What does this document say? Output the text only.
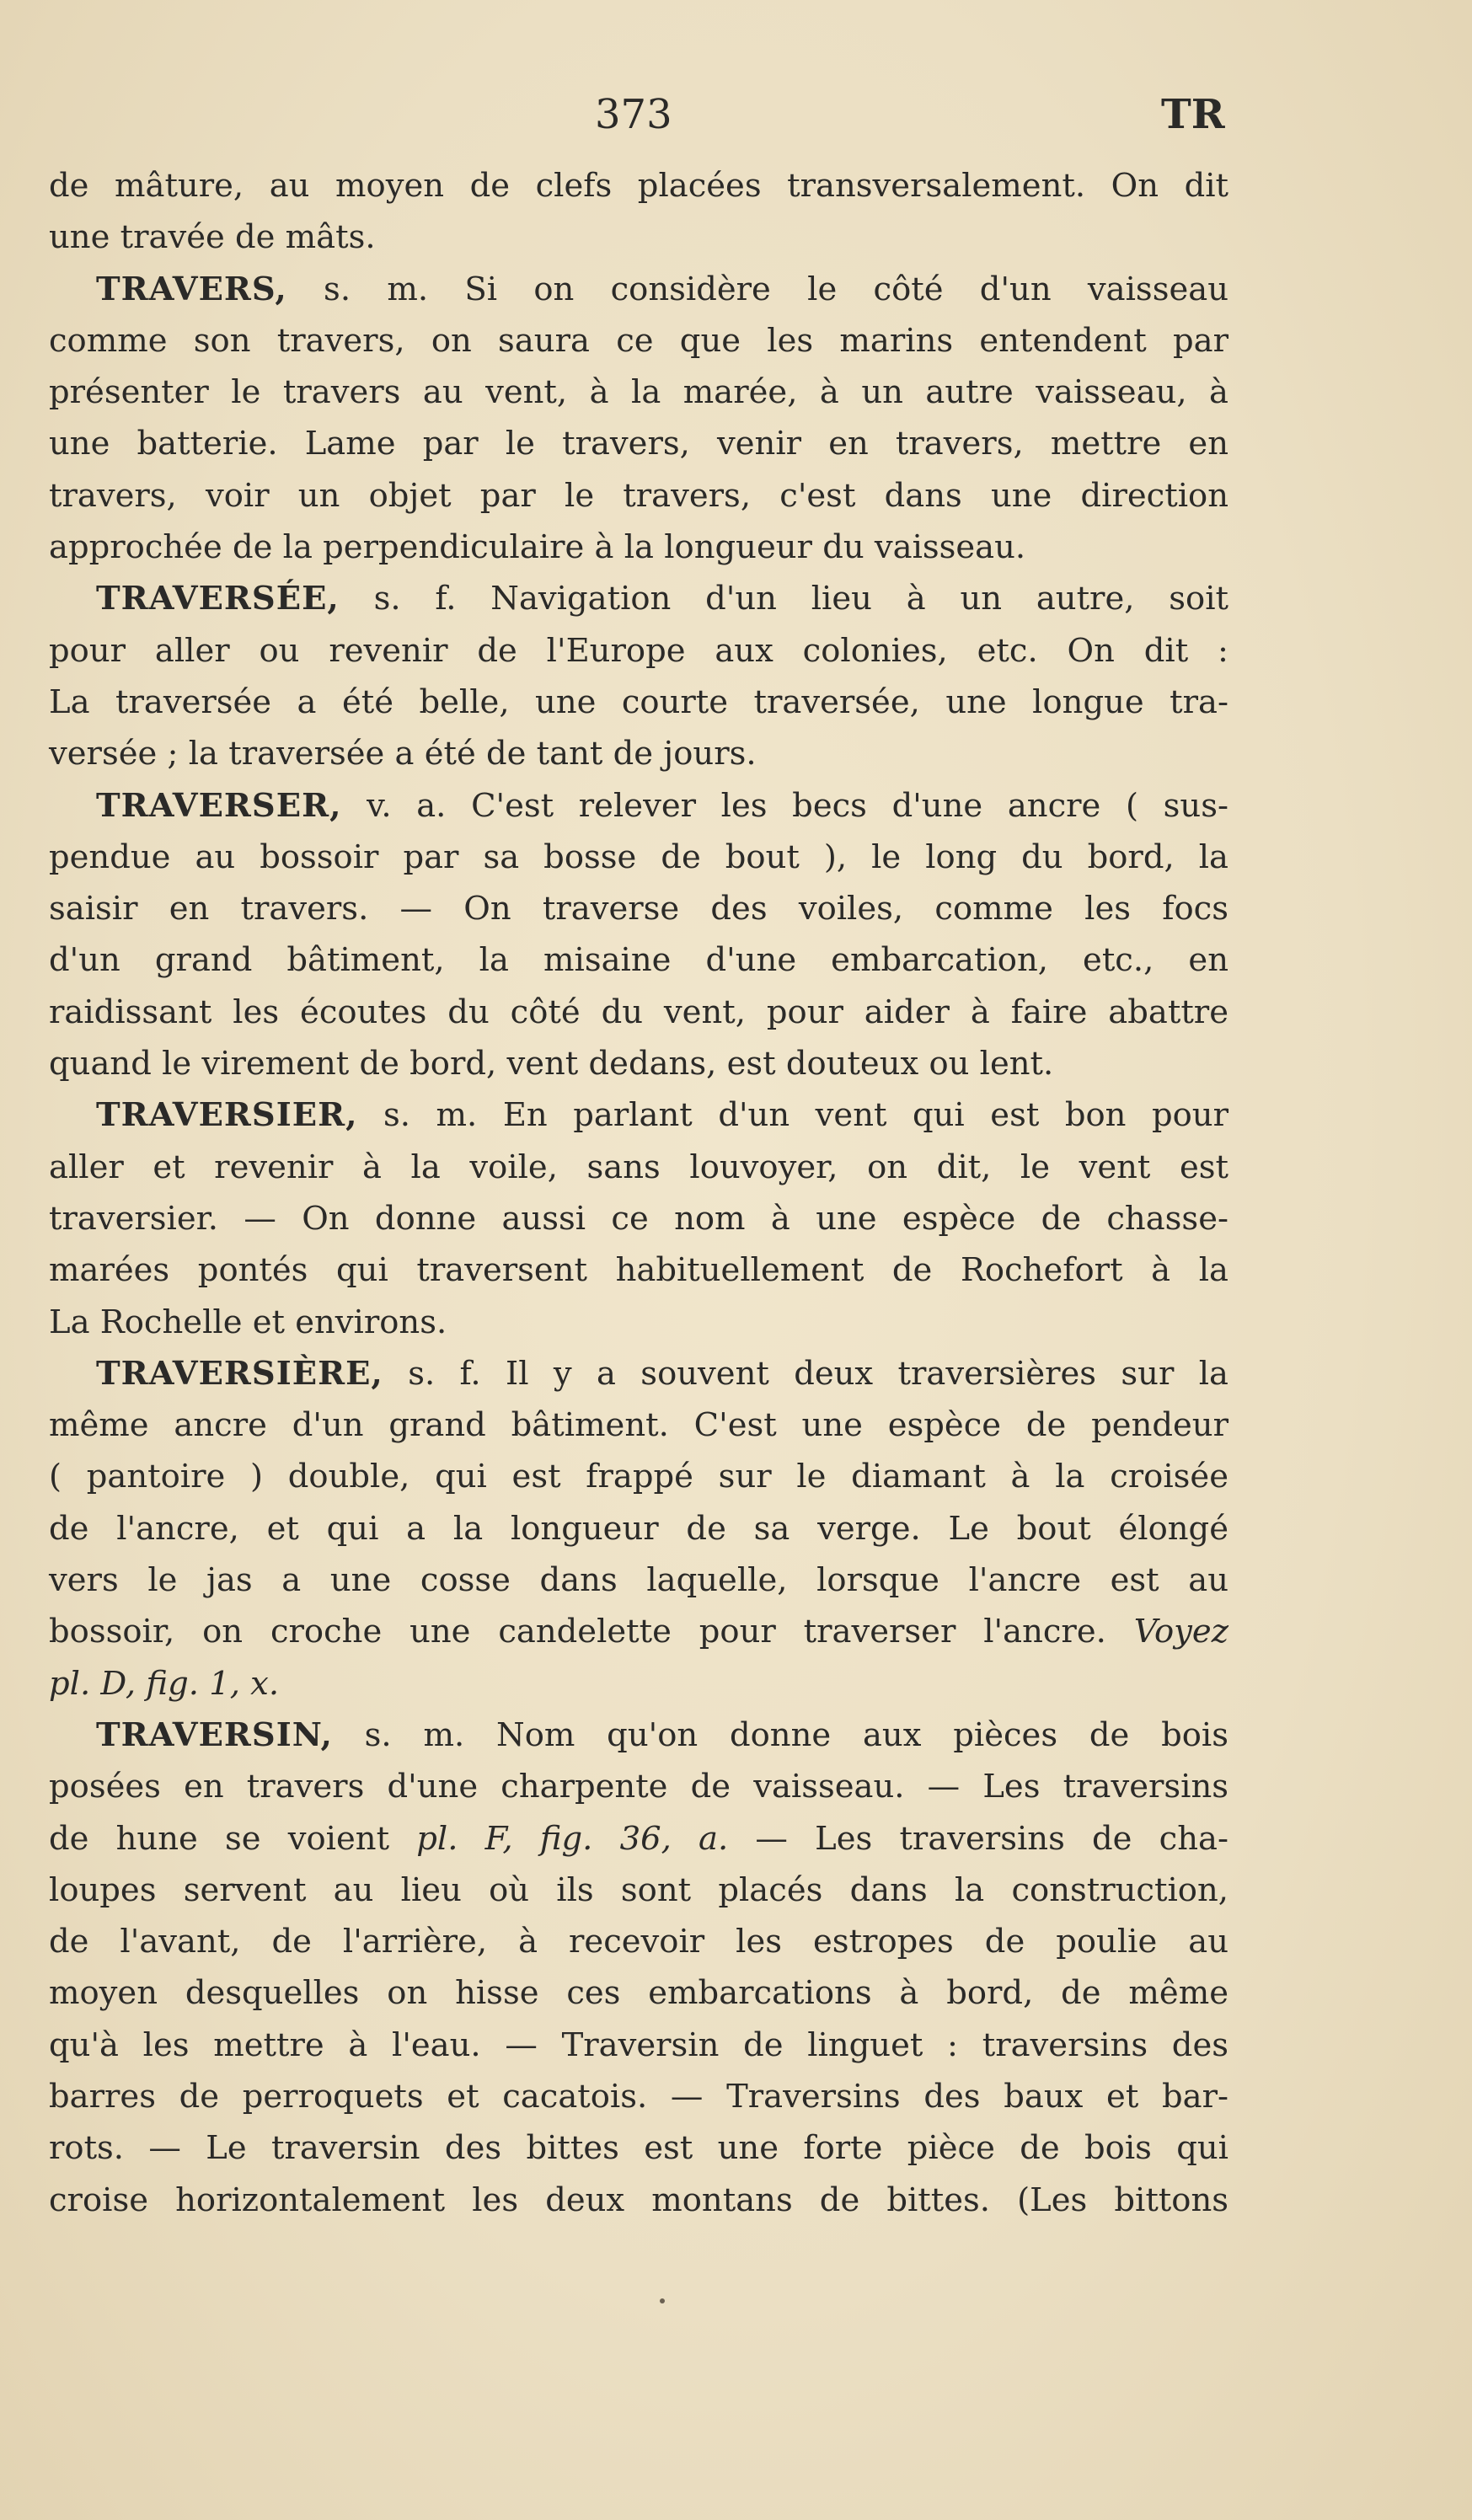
373	TR
de mâture, au moyen de clefs placées transversalement. On dit
une travée de mâts.
TRAVERS, s. m. Si on considère le côté d'un vaisseau
comme son travers, on saura ce que les marins entendent par
présenter le travers au vent, à la marée, à un autre vaisseau, à
une batterie. Lame par le travers, venir en travers, mettre en
travers, voir un objet par le travers, c'est dans une direction
approchée de la perpendiculaire à la longueur du vaisseau.
TRAVERSÉE, s. f. Navigation d'un lieu à un autre, soit
pour aller ou revenir de l'Europe aux colonies, etc. On dit :
La traversée a été belle, une courte traversée, une longue tra-
versée ; la traversée a été de tant de jours.
TRAVERSER, v. a. C'est relever les becs d'une ancre ( sus-
pendue au bossoir par sa bosse de bout ), le long du bord, la
saisir en travers. — On traverse des voiles, comme les focs
d'un grand bâtiment, la misaine d'une embarcation, etc., en
raidissant les écoutes du côté du vent, pour aider à faire abattre
quand le virement de bord, vent dedans, est douteux ou lent.
TRAVERSIER, s. m. En parlant d'un vent qui est bon pour
aller et revenir à la voile, sans louvoyer, on dit, le vent est
traversier. — On donne aussi ce nom à une espèce de chasse-
marées pontés qui traversent habituellement de Rochefort à la
La Rochelle et environs.
TRAVERSIÈRE, s. f. Il y a souvent deux traversières sur la
même ancre d'un grand bâtiment. C'est une espèce de pendeur
( pantoire ) double, qui est frappé sur le diamant à la croisée
de l'ancre, et qui a la longueur de sa verge. Le bout élongé
vers le jas a une cosse dans laquelle, lorsque l'ancre est au
bossoir, on croche une candelette pour traverser l'ancre. Voyez
pl. D, fig. 1, x.
TRAVERSIN, s. m. Nom qu'on donne aux pièces de bois
posées en travers d'une charpente de vaisseau. — Les traversins
de hune se voient pl. F, fig. 36, a. — Les traversins de cha-
loupes servent au lieu où ils sont placés dans la construction,
de l'avant, de l'arrière, à recevoir les estropes de poulie au
moyen desquelles on hisse ces embarcations à bord, de même
qu'à les mettre à l'eau. — Traversin de linguet : traversins des
barres de perroquets et cacatois. — Traversins des baux et bar-
rots. — Le traversin des bittes est une forte pièce de bois qui
croise horizontalement les deux montans de bittes. (Les bittons
